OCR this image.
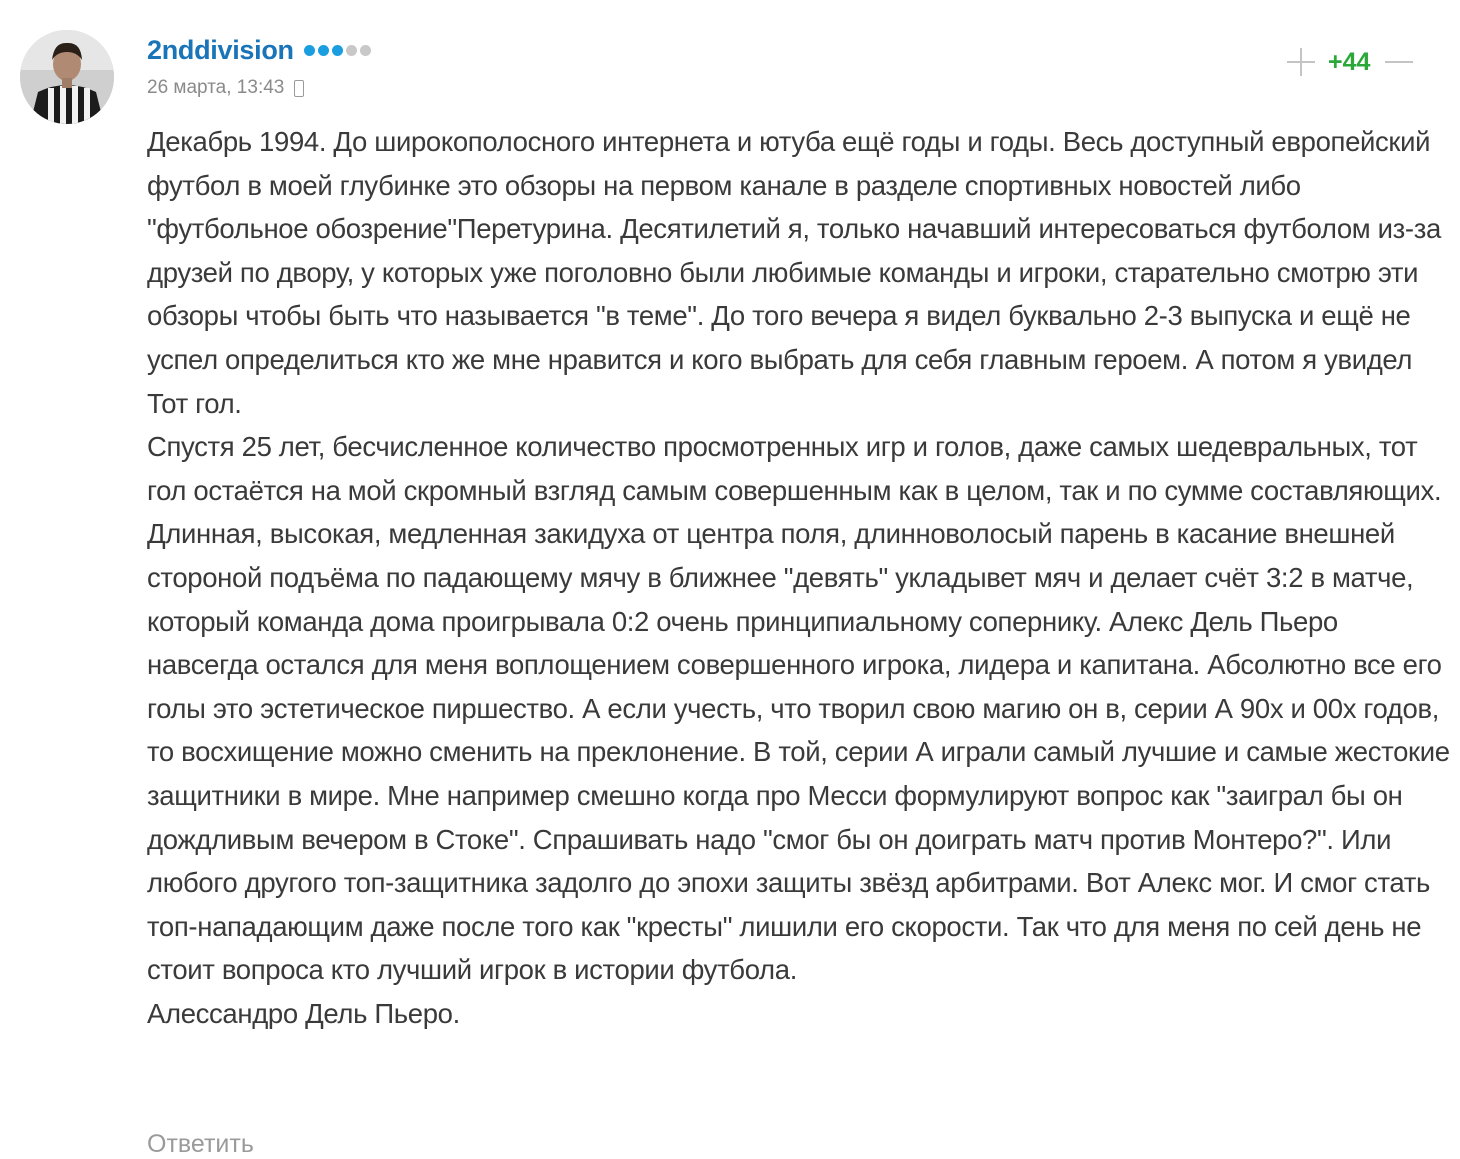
2nddivision
26 марта, 13:43
+44

Декабрь 1994. До широкополосного интернета и ютуба ещё годы и годы. Весь доступный европейский футбол в моей глубинке это обзоры на первом канале в разделе спортивных новостей либо "футбольное обозрение"Перетурина. Десятилетий я, только начавший интересоваться футболом из-за друзей по двору, у которых уже поголовно были любимые команды и игроки, старательно смотрю эти обзоры чтобы быть что называется "в теме". До того вечера я видел буквально 2-3 выпуска и ещё не успел определиться кто же мне нравится и кого выбрать для себя главным героем. А потом я увидел Тот гол.

Спустя 25 лет, бесчисленное количество просмотренных игр и голов, даже самых шедевральных, тот гол остаётся на мой скромный взгляд самым совершенным как в целом, так и по сумме составляющих.

Длинная, высокая, медленная закидуха от центра поля, длинноволосый парень в касание внешней стороной подъёма по падающему мячу в ближнее "девять" укладывет мяч и делает счёт 3:2 в матче, который команда дома проигрывала 0:2 очень принципиальному сопернику. Алекс Дель Пьеро навсегда остался для меня воплощением совершенного игрока, лидера и капитана. Абсолютно все его голы это эстетическое пиршество. А если учесть, что творил свою магию он в, серии А 90х и 00х годов, то восхищение можно сменить на преклонение. В той, серии А играли самый лучшие и самые жестокие защитники в мире. Мне например смешно когда про Месси формулируют вопрос как "заиграл бы он дождливым вечером в Стоке". Спрашивать надо "смог бы он доиграть матч против Монтеро?". Или любого другого топ-защитника задолго до эпохи защиты звёзд арбитрами. Вот Алекс мог. И смог стать топ-нападающим даже после того как "кресты" лишили его скорости. Так что для меня по сей день не стоит вопроса кто лучший игрок в истории футбола.

Алессандро Дель Пьеро.

Ответить
